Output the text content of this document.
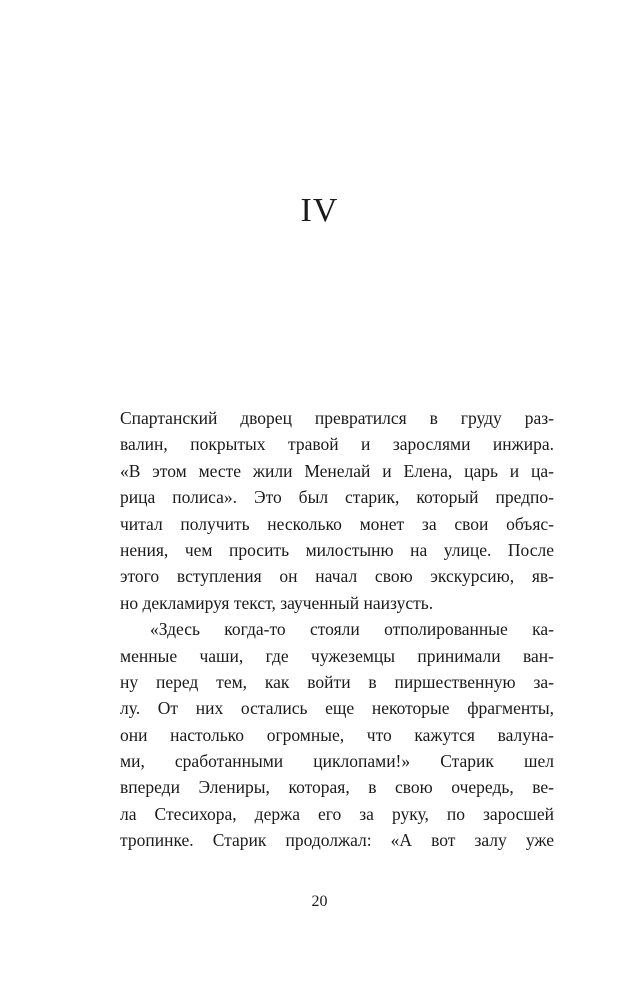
IV
Спартанский дворец превратился в груду раз-
валин, покрытых травой и зарослями инжира.
«В этом месте жили Менелай и Елена, царь и ца-
рица полиса». Это был старик, который предпо-
читал получить несколько монет за свои объяс-
нения, чем просить милостыню на улице. После
этого вступления он начал свою экскурсию, яв-
но декламируя текст, заученный наизусть.
«Здесь когда-то стояли отполированные ка-
менные чаши, где чужеземцы принимали ван-
ну перед тем, как войти в пиршественную за-
лу. От них остались еще некоторые фрагменты,
они настолько огромные, что кажутся валуна-
ми, сработанными циклопами!» Старик шел
впереди Элениры, которая, в свою очередь, ве-
ла Стесихора, держа его за руку, по заросшей
тропинке. Старик продолжал: «А вот залу уже
20
